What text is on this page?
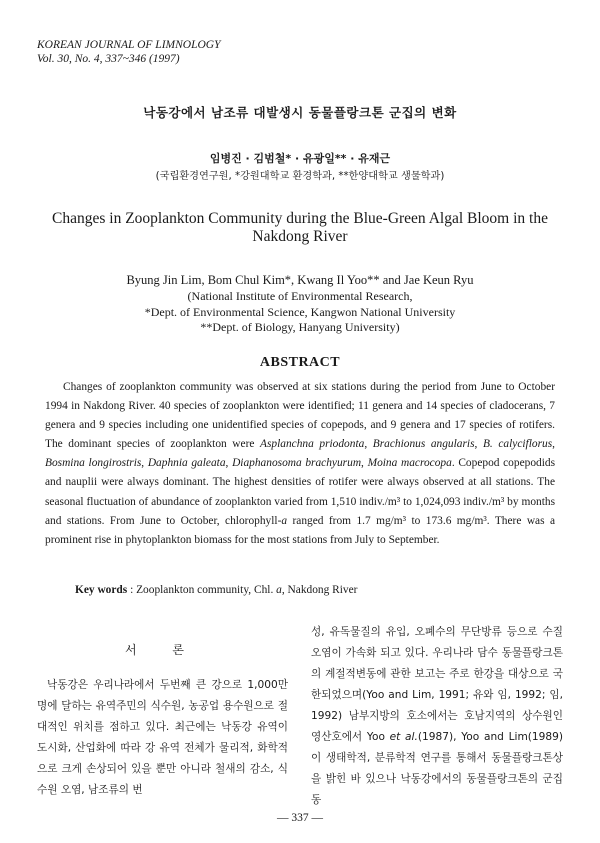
KOREAN JOURNAL OF LIMNOLOGY
Vol. 30, No. 4, 337~346 (1997)
낙동강에서 남조류 대발생시 동물플랑크톤 군집의 변화
임병진 · 김범철* · 유광일** · 유재근
(국립환경연구원, *강원대학교 환경학과, **한양대학교 생물학과)
Changes in Zooplankton Community during the Blue-Green Algal Bloom in the Nakdong River
Byung Jin Lim, Bom Chul Kim*, Kwang Il Yoo** and Jae Keun Ryu
(National Institute of Environmental Research,
*Dept. of Environmental Science, Kangwon National University
**Dept. of Biology, Hanyang University)
ABSTRACT

Changes of zooplankton community was observed at six stations during the period from June to October 1994 in Nakdong River. 40 species of zooplankton were identified; 11 genera and 14 species of cladocerans, 7 genera and 9 species including one unidentified species of copepods, and 9 genera and 17 species of rotifers. The dominant species of zooplankton were Asplanchna priodonta, Brachionus angularis, B. calyciflorus, Bosmina longirostris, Daphnia galeata, Diaphanosoma brachyurum, Moina macrocopa. Copepod copepodids and nauplii were always dominant. The highest densities of rotifer were always observed at all stations. The seasonal fluctuation of abundance of zooplankton varied from 1,510 indiv./m³ to 1,024,093 indiv./m³ by months and stations. From June to October, chlorophyll-a ranged from 1.7 mg/m³ to 173.6 mg/m³. There was a prominent rise in phytoplankton biomass for the most stations from July to September.

Key words : Zooplankton community, Chl. a, Nakdong River
서 론

낙동강은 우리나라에서 두번째 큰 강으로 1,000만명에 달하는 유역주민의 식수원, 농공업 용수원으로 절대적인 위치를 점하고 있다. 최근에는 낙동강 유역이 도시화, 산업화에 따라 강 유역 전체가 물리적, 화학적으로 크게 손상되어 있을 뿐만 아니라 철새의 감소, 식수원 오염, 남조류의 번

성, 유독물질의 유입, 오폐수의 무단방류 등으로 수질오염이 가속화 되고 있다. 우리나라 담수 동물플랑크톤의 계절적변동에 관한 보고는 주로 한강을 대상으로 국한되었으며(Yoo and Lim, 1991; 유와 임, 1992; 임, 1992) 남부지방의 호소에서는 호남지역의 상수원인 영산호에서 Yoo et al.(1987), Yoo and Lim(1989)이 생태학적, 분류학적 연구를 통해서 동물플랑크톤상을 밝힌 바 있으나 낙동강에서의 동물플랑크톤의 군집 동

— 337 —
